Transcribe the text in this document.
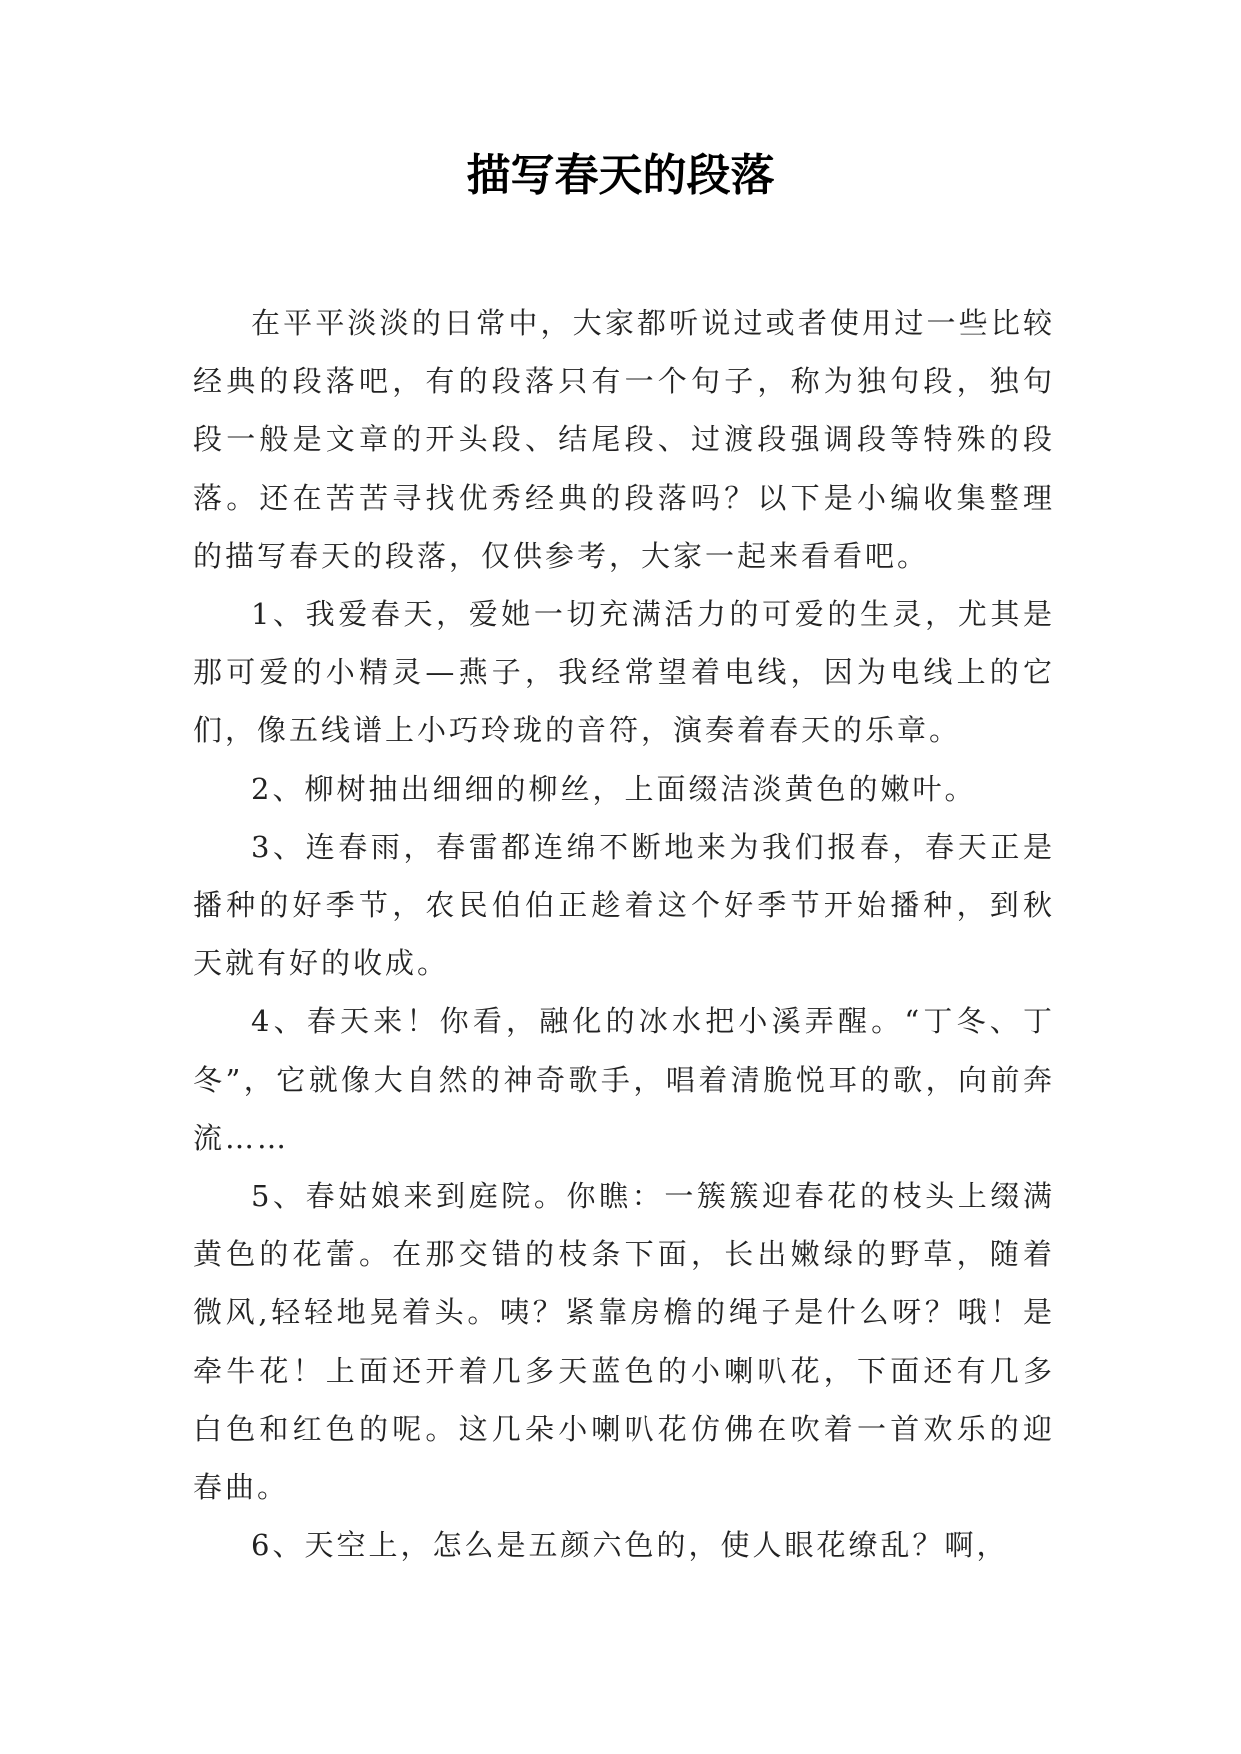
描写春天的段落

在平平淡淡的日常中，大家都听说过或者使用过一些比较经典的段落吧，有的段落只有一个句子，称为独句段，独句段一般是文章的开头段、结尾段、过渡段强调段等特殊的段落。还在苦苦寻找优秀经典的段落吗？以下是小编收集整理的描写春天的段落，仅供参考，大家一起来看看吧。

1、我爱春天，爱她一切充满活力的可爱的生灵，尤其是那可爱的小精灵—燕子，我经常望着电线，因为电线上的它们，像五线谱上小巧玲珑的音符，演奏着春天的乐章。

2、柳树抽出细细的柳丝，上面缀洁淡黄色的嫩叶。

3、连春雨，春雷都连绵不断地来为我们报春，春天正是播种的好季节，农民伯伯正趁着这个好季节开始播种，到秋天就有好的收成。

4、春天来！你看，融化的冰水把小溪弄醒。“丁冬、丁冬”，它就像大自然的神奇歌手，唱着清脆悦耳的歌，向前奔流……

5、春姑娘来到庭院。你瞧：一簇簇迎春花的枝头上缀满黄色的花蕾。在那交错的枝条下面，长出嫩绿的野草，随着微风,轻轻地晃着头。咦？紧靠房檐的绳子是什么呀？哦！是牵牛花！上面还开着几多天蓝色的小喇叭花，下面还有几多白色和红色的呢。这几朵小喇叭花仿佛在吹着一首欢乐的迎春曲。

6、天空上，怎么是五颜六色的，使人眼花缭乱？啊，
